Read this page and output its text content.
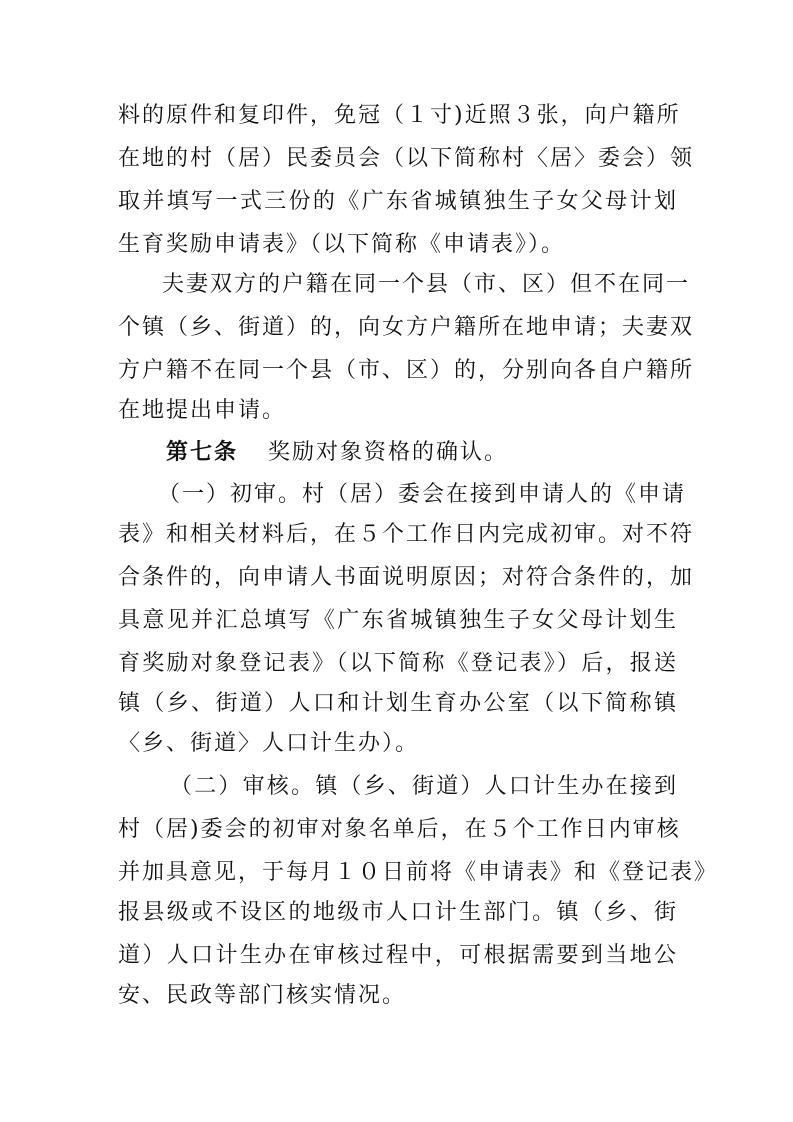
料的原件和复印件，免冠（１寸)近照３张，向户籍所
在地的村（居）民委员会（以下简称村〈居〉委会）领
取并填写一式三份的《广东省城镇独生子女父母计划
生育奖励申请表》（以下简称《申请表》）。
夫妻双方的户籍在同一个县（市、区）但不在同一
个镇（乡、街道）的，向女方户籍所在地申请；夫妻双
方户籍不在同一个县（市、区）的，分别向各自户籍所
在地提出申请。
第七条 奖励对象资格的确认。
（一）初审。村（居）委会在接到申请人的《申请
表》和相关材料后，在５个工作日内完成初审。对不符
合条件的，向申请人书面说明原因；对符合条件的，加
具意见并汇总填写《广东省城镇独生子女父母计划生
育奖励对象登记表》（以下简称《登记表》）后，报送
镇（乡、街道）人口和计划生育办公室（以下简称镇
〈乡、街道〉人口计生办）。
（二）审核。镇（乡、街道）人口计生办在接到
村（居)委会的初审对象名单后，在５个工作日内审核
并加具意见，于每月１０日前将《申请表》和《登记表》
报县级或不设区的地级市人口计生部门。镇（乡、街
道）人口计生办在审核过程中，可根据需要到当地公
安、民政等部门核实情况。
